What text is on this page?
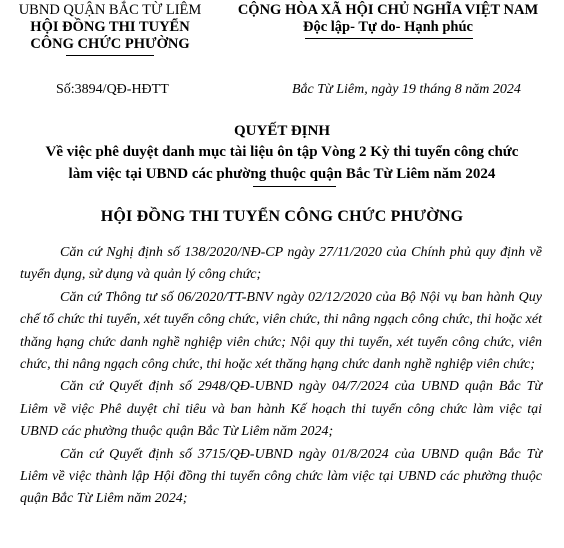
UBND QUẬN BẮC TỪ LIÊM
HỘI ĐỒNG THI TUYỂN
CÔNG CHỨC PHƯỜNG
CỘNG HÒA XÃ HỘI CHỦ NGHĨA VIỆT NAM
Độc lập- Tự do- Hạnh phúc
Số:3894/QĐ-HĐTT	Bắc Từ Liêm, ngày 19 tháng 8 năm 2024
QUYẾT ĐỊNH
Về việc phê duyệt danh mục tài liệu ôn tập Vòng 2 Kỳ thi tuyển công chức
làm việc tại UBND các phường thuộc quận Bắc Từ Liêm năm 2024
HỘI ĐỒNG THI TUYỂN CÔNG CHỨC PHƯỜNG

Căn cứ Nghị định số 138/2020/NĐ-CP ngày 27/11/2020 của Chính phủ quy định về tuyển dụng, sử dụng và quản lý công chức;

Căn cứ Thông tư số 06/2020/TT-BNV ngày 02/12/2020 của Bộ Nội vụ ban hành Quy chế tổ chức thi tuyển, xét tuyển công chức, viên chức, thi nâng ngạch công chức, thi hoặc xét thăng hạng chức danh nghề nghiệp viên chức; Nội quy thi tuyển, xét tuyển công chức, viên chức, thi nâng ngạch công chức, thi hoặc xét thăng hạng chức danh nghề nghiệp viên chức;

Căn cứ Quyết định số 2948/QĐ-UBND ngày 04/7/2024 của UBND quận Bắc Từ Liêm về việc Phê duyệt chỉ tiêu và ban hành Kế hoạch thi tuyển công chức làm việc tại UBND các phường thuộc quận Bắc Từ Liêm năm 2024;

Căn cứ Quyết định số 3715/QĐ-UBND ngày 01/8/2024 của UBND quận Bắc Từ Liêm về việc thành lập Hội đồng thi tuyển công chức làm việc tại UBND các phường thuộc quận Bắc Từ Liêm năm 2024;
